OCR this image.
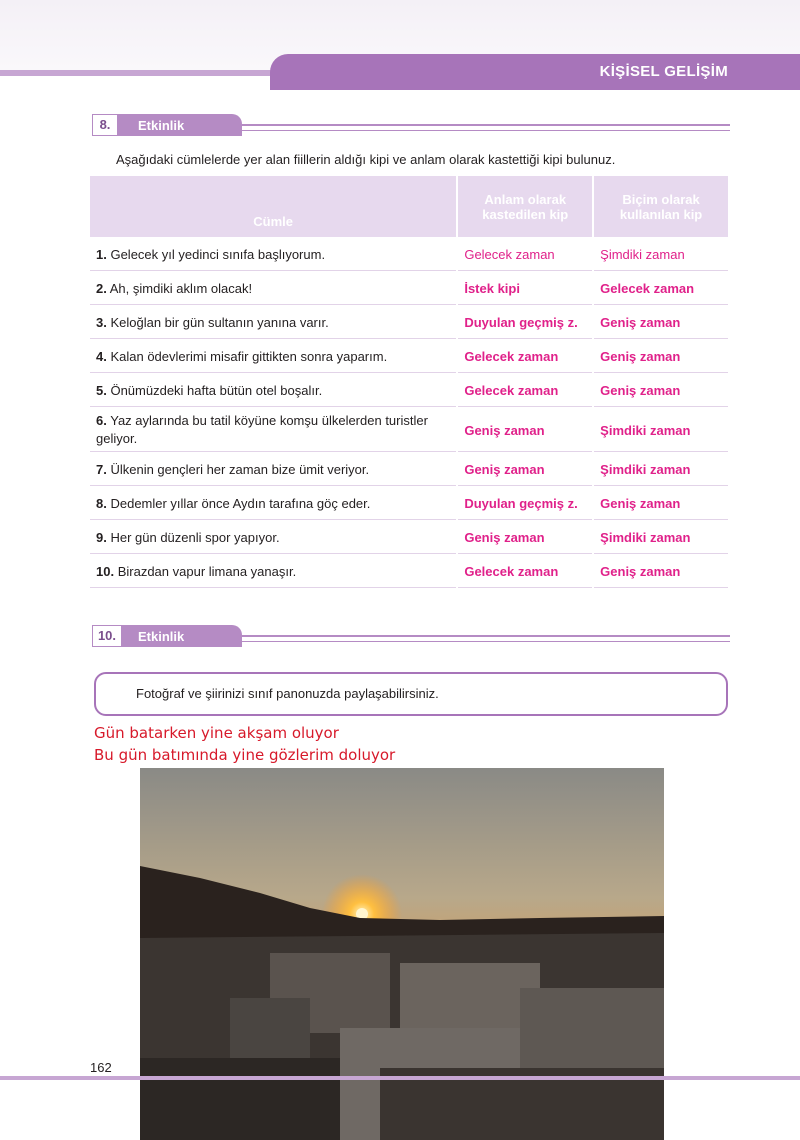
KİŞİSEL GELİŞİM
8.	Etkinlik
Aşağıdaki cümlelerde yer alan fiillerin aldığı kipi ve anlam olarak kastettiği kipi bulunuz.
Cümle	Anlam olarak kastedilen kip	Biçim olarak kullanılan kip
1. Gelecek yıl yedinci sınıfa başlıyorum.	Gelecek zaman	Şimdiki zaman
2. Ah, şimdiki aklım olacak!	İstek kipi	Gelecek zaman
3. Keloğlan bir gün sultanın yanına varır.	Duyulan geçmiş z.	Geniş zaman
4. Kalan ödevlerimi misafir gittikten sonra yaparım.	Gelecek zaman	Geniş zaman
5. Önümüzdeki hafta bütün otel boşalır.	Gelecek zaman	Geniş zaman
6. Yaz aylarında bu tatil köyüne komşu ülkelerden turistler geliyor.	Geniş zaman	Şimdiki zaman
7. Ülkenin gençleri her zaman bize ümit veriyor.	Geniş zaman	Şimdiki zaman
8. Dedemler yıllar önce Aydın tarafına göç eder.	Duyulan geçmiş z.	Geniş zaman
9. Her gün düzenli spor yapıyor.	Geniş zaman	Şimdiki zaman
10. Birazdan vapur limana yanaşır.	Gelecek zaman	Geniş zaman
10.	Etkinlik
Fotoğraf ve şiirinizi sınıf panonuzda paylaşabilirsiniz.
Gün batarken yine akşam oluyor
Bu gün batımında yine gözlerim doluyor
162
